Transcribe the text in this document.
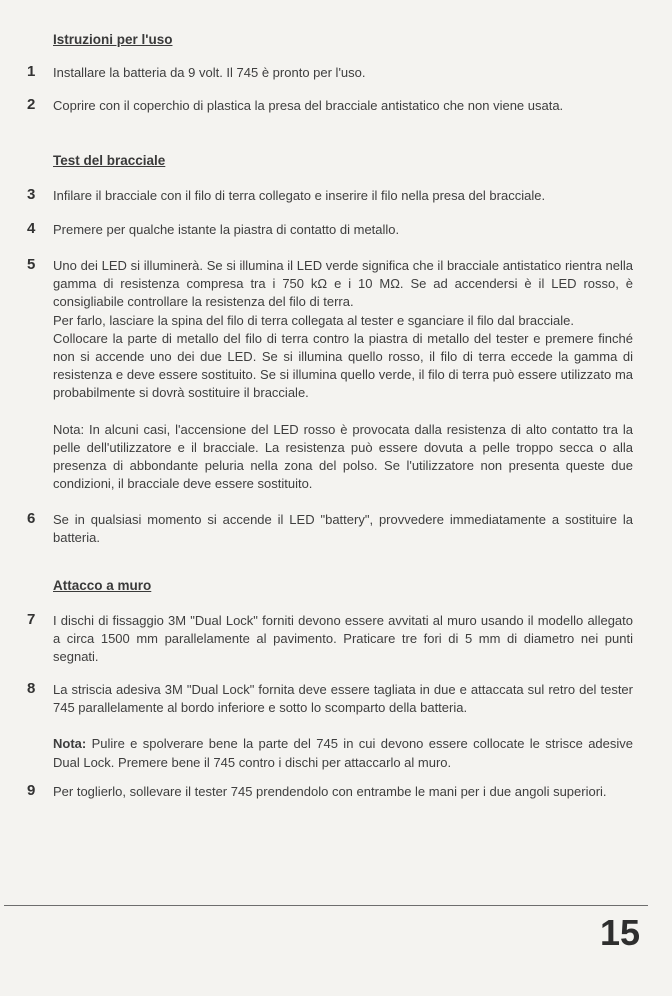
Istruzioni per l'uso
1 Installare la batteria da 9 volt. Il 745 è pronto per l'uso.

2 Coprire con il coperchio di plastica la presa del bracciale antistatico che non viene usata.

Test del bracciale
3 Infilare il bracciale con il filo di terra collegato e inserire il filo nella presa del bracciale.

4 Premere per qualche istante la piastra di contatto di metallo.

5 Uno dei LED si illuminerà. Se si illumina il LED verde significa che il bracciale antistatico rientra nella gamma di resistenza compresa tra i 750 kΩ e i 10 MΩ. Se ad accendersi è il LED rosso, è consigliabile controllare la resistenza del filo di terra.

Per farlo, lasciare la spina del filo di terra collegata al tester e sganciare il filo dal bracciale.

Collocare la parte di metallo del filo di terra contro la piastra di metallo del tester e premere finché non si accende uno dei due LED. Se si illumina quello rosso, il filo di terra eccede la gamma di resistenza e deve essere sostituito. Se si illumina quello verde, il filo di terra può essere utilizzato ma probabilmente si dovrà sostituire il bracciale.

Nota: In alcuni casi, l'accensione del LED rosso è provocata dalla resistenza di alto contatto tra la pelle dell'utilizzatore e il bracciale. La resistenza può essere dovuta a pelle troppo secca o alla presenza di abbondante peluria nella zona del polso. Se l'utilizzatore non presenta queste due condizioni, il bracciale deve essere sostituito.

6 Se in qualsiasi momento si accende il LED "battery", provvedere immediatamente a sostituire la batteria.

Attacco a muro
7 I dischi di fissaggio 3M "Dual Lock" forniti devono essere avvitati al muro usando il modello allegato a circa 1500 mm parallelamente al pavimento. Praticare tre fori di 5 mm di diametro nei punti segnati.

8 La striscia adesiva 3M "Dual Lock" fornita deve essere tagliata in due e attaccata sul retro del tester 745 parallelamente al bordo inferiore e sotto lo scomparto della batteria.

Nota: Pulire e spolverare bene la parte del 745 in cui devono essere collocate le strisce adesive Dual Lock. Premere bene il 745 contro i dischi per attaccarlo al muro.

9 Per toglierlo, sollevare il tester 745 prendendolo con entrambe le mani per i due angoli superiori.

15
